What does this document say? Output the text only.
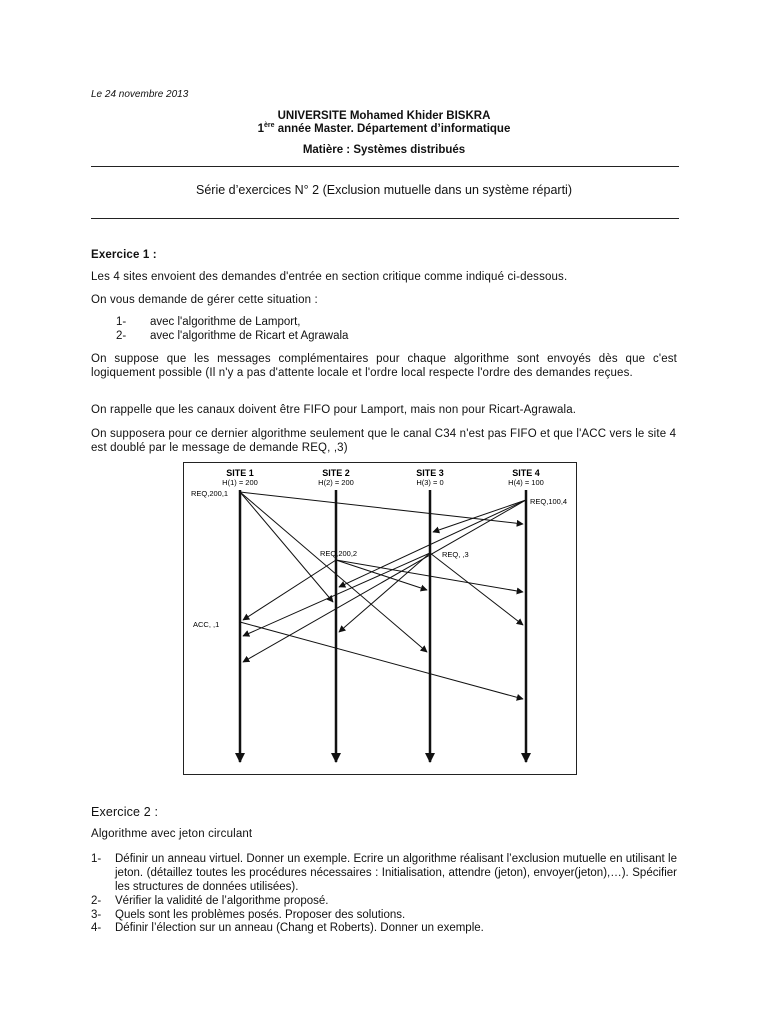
Le 24 novembre 2013
UNIVERSITE Mohamed Khider BISKRA
1ère année Master. Département d’informatique
Matière : Systèmes distribués
Série d’exercices N° 2 (Exclusion mutuelle dans un système réparti)
Exercice 1 :
Les 4 sites envoient des demandes d'entrée en section critique comme indiqué ci-dessous.
On vous demande de gérer cette situation :
1- avec l'algorithme de Lamport,
2- avec l'algorithme de Ricart et Agrawala
On suppose que les messages complémentaires pour chaque algorithme sont envoyés dès que c'est logiquement possible (Il n'y a pas d'attente locale et l'ordre local respecte l'ordre des demandes reçues.
On rappelle que les canaux doivent être FIFO pour Lamport, mais non pour Ricart-Agrawala.
On supposera pour ce dernier algorithme seulement que le canal C34 n'est pas FIFO et que l'ACC vers le site 4 est doublé par le message de demande REQ, ,3)
SITE 1
H(1) = 200
SITE 2
H(2) = 200
SITE 3
H(3) = 0
SITE 4
H(4) = 100
REQ,200,1
REQ,100,4
REQ,200,2	REQ, ,3
ACC, ,1
Exercice 2 :
Algorithme avec jeton circulant
1- Définir un anneau virtuel. Donner un exemple. Ecrire un algorithme réalisant l’exclusion mutuelle en utilisant le jeton. (détaillez toutes les procédures nécessaires : Initialisation, attendre (jeton), envoyer(jeton),…). Spécifier les structures de données utilisées).
2- Vérifier la validité de l’algorithme proposé.
3- Quels sont les problèmes posés. Proposer des solutions.
4- Définir l’élection sur un anneau (Chang et Roberts). Donner un exemple.
